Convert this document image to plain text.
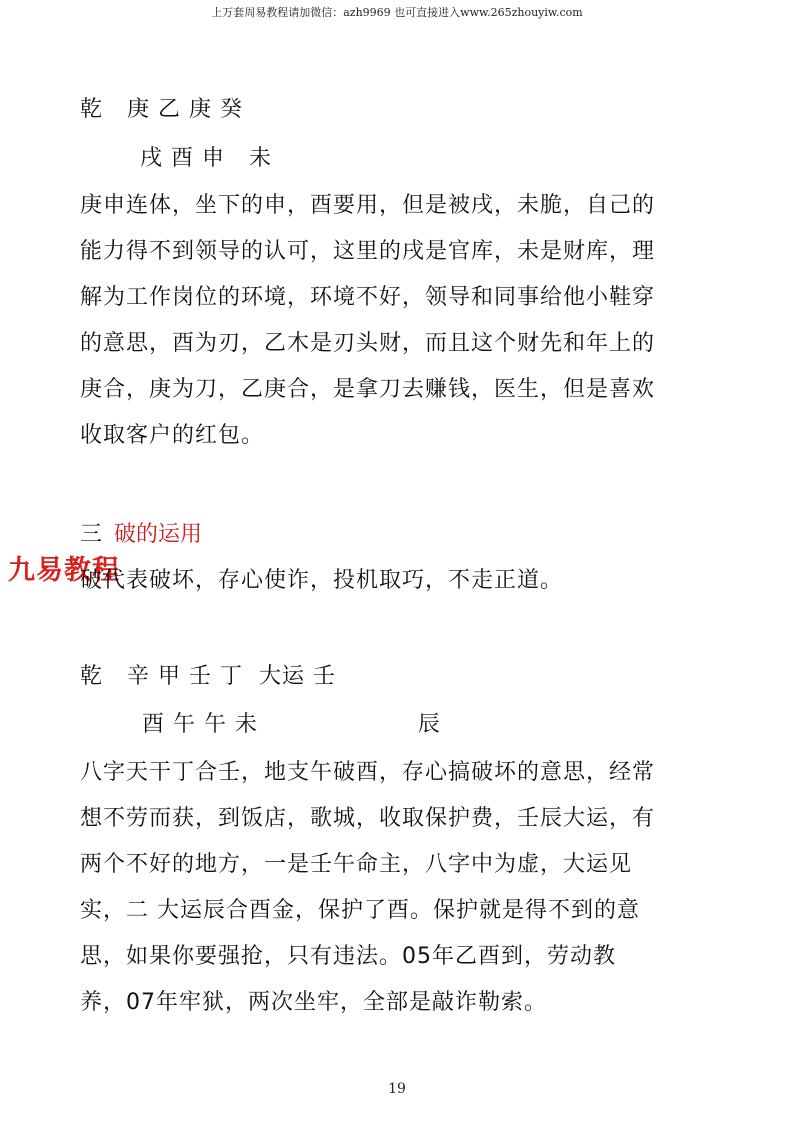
上万套周易教程请加微信：azh9969 也可直接进入www.265zhouyiw.com
乾   庚 乙 庚 癸
戌 酉 申   未
庚申连体，坐下的申，酉要用，但是被戌，未脆，自己的
能力得不到领导的认可，这里的戌是官库，未是财库，理
解为工作岗位的环境，环境不好，领导和同事给他小鞋穿
的意思，酉为刃，乙木是刃头财，而且这个财先和年上的
庚合，庚为刀，乙庚合，是拿刀去赚钱，医生，但是喜欢
收取客户的红包。
三 破的运用
九易教程
破代表破坏，存心使诈，投机取巧，不走正道。
乾   辛 甲 壬 丁  大运 壬
酉 午 午 未                    辰
八字天干丁合壬，地支午破酉，存心搞破坏的意思，经常
想不劳而获，到饭店，歌城，收取保护费，壬辰大运，有
两个不好的地方，一是壬午命主，八字中为虚，大运见
实，二 大运辰合酉金，保护了酉。保护就是得不到的意
思，如果你要强抢，只有违法。05年乙酉到，劳动教
养，07年牢狱，两次坐牢，全部是敲诈勒索。
19
